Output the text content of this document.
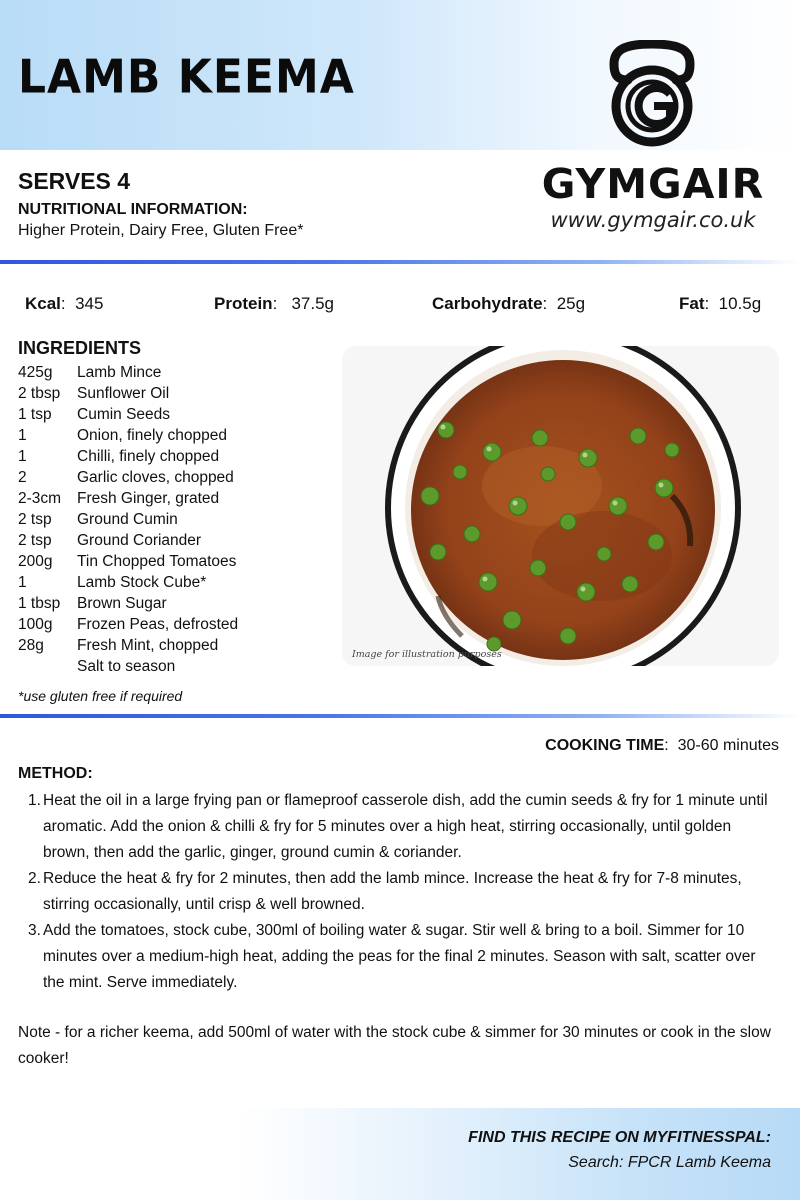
LAMB KEEMA
GYMGAIR
www.gymgair.co.uk
SERVES 4
NUTRITIONAL INFORMATION:
Higher Protein, Dairy Free, Gluten Free*
Kcal:  345	Protein:   37.5g	Carbohydrate:  25g	Fat:  10.5g
INGREDIENTS
425g Lamb Mince
2 tbsp Sunflower Oil
1 tsp Cumin Seeds
1	Onion, finely chopped
1	Chilli, finely chopped
2	Garlic cloves, chopped
2-3cm Fresh Ginger, grated
2 tsp Ground Cumin
2 tsp Ground Coriander
200g Tin Chopped Tomatoes
1	Lamb Stock Cube*
1 tbsp Brown Sugar
100g Frozen Peas, defrosted
28g Fresh Mint, chopped
Salt to season
*use gluten free if required
Image for illustration purposes
COOKING TIME:  30-60 minutes
METHOD:
1. Heat the oil in a large frying pan or flameproof casserole dish, add the cumin seeds & fry for 1 minute until aromatic. Add the onion & chilli & fry for 5 minutes over a high heat, stirring occasionally, until golden brown, then add the garlic, ginger, ground cumin & coriander.
2. Reduce the heat & fry for 2 minutes, then add the lamb mince. Increase the heat & fry for 7-8 minutes, stirring occasionally, until crisp & well browned.
3. Add the tomatoes, stock cube, 300ml of boiling water & sugar. Stir well & bring to a boil. Simmer for 10 minutes over a medium-high heat, adding the peas for the final 2 minutes. Season with salt, scatter over the mint. Serve immediately.
Note - for a richer keema, add 500ml of water with the stock cube & simmer for 30 minutes or cook in the slow cooker!
FIND THIS RECIPE ON MYFITNESSPAL:
Search: FPCR Lamb Keema
